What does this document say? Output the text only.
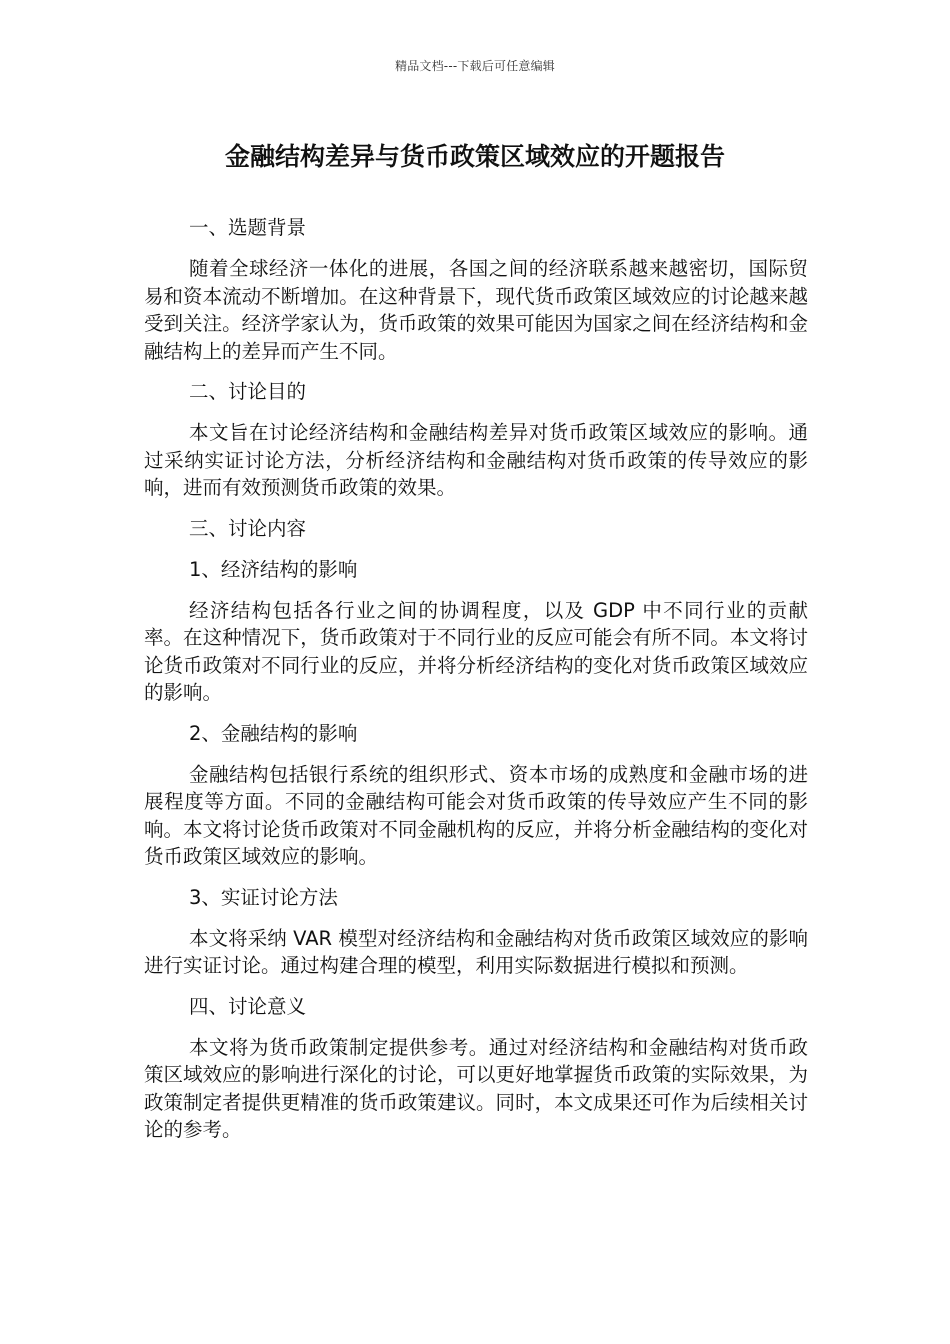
精品文档---下载后可任意编辑
金融结构差异与货币政策区域效应的开题报告
一、选题背景

随着全球经济一体化的进展，各国之间的经济联系越来越密切，国际贸易和资本流动不断增加。在这种背景下，现代货币政策区域效应的讨论越来越受到关注。经济学家认为，货币政策的效果可能因为国家之间在经济结构和金融结构上的差异而产生不同。

二、讨论目的

本文旨在讨论经济结构和金融结构差异对货币政策区域效应的影响。通过采纳实证讨论方法，分析经济结构和金融结构对货币政策的传导效应的影响，进而有效预测货币政策的效果。

三、讨论内容
1、经济结构的影响

经济结构包括各行业之间的协调程度，以及 GDP 中不同行业的贡献率。在这种情况下，货币政策对于不同行业的反应可能会有所不同。本文将讨论货币政策对不同行业的反应，并将分析经济结构的变化对货币政策区域效应的影响。

2、金融结构的影响

金融结构包括银行系统的组织形式、资本市场的成熟度和金融市场的进展程度等方面。不同的金融结构可能会对货币政策的传导效应产生不同的影响。本文将讨论货币政策对不同金融机构的反应，并将分析金融结构的变化对货币政策区域效应的影响。

3、实证讨论方法

本文将采纳 VAR 模型对经济结构和金融结构对货币政策区域效应的影响进行实证讨论。通过构建合理的模型，利用实际数据进行模拟和预测。

四、讨论意义

本文将为货币政策制定提供参考。通过对经济结构和金融结构对货币政策区域效应的影响进行深化的讨论，可以更好地掌握货币政策的实际效果，为政策制定者提供更精准的货币政策建议。同时，本文成果还可作为后续相关讨论的参考。
